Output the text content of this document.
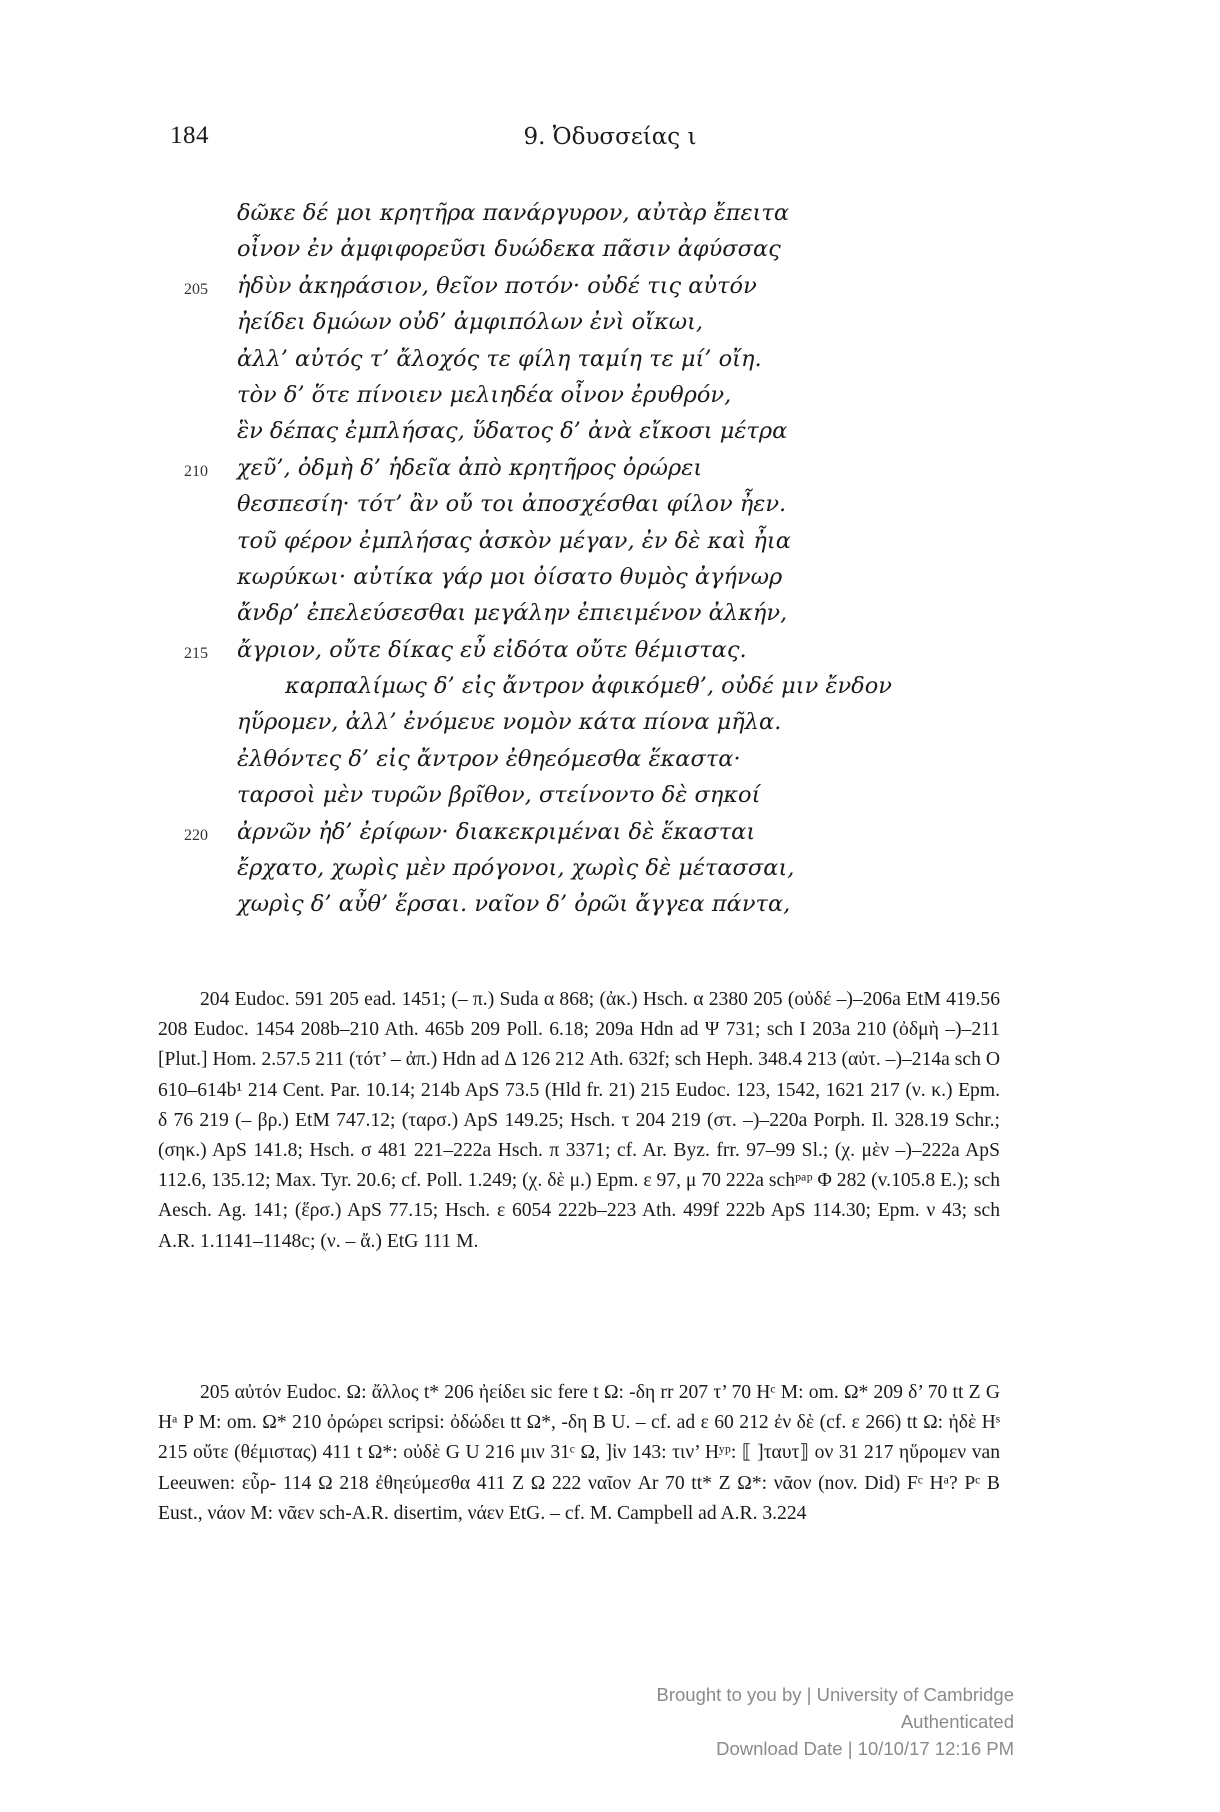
184	9. Ὀδυσσείας ι
δῶκε δέ μοι κρητῆρα πανάργυρον, αὐτὰρ ἔπειτα
οἶνον ἐν ἀμφιφορεῦσι δυώδεκα πᾶσιν ἀφύσσας
205 ἡδὺν ἀκηράσιον, θεῖον ποτόν· οὐδέ τις αὐτόν
ἠείδει δμώων οὐδ’ ἀμφιπόλων ἐνὶ οἴκωι,
ἀλλ’ αὐτός τ’ ἄλοχός τε φίλη ταμίη τε μί’ οἴη.
τὸν δ’ ὅτε πίνοιεν μελιηδέα οἶνον ἐρυθρόν,
ἓν δέπας ἐμπλήσας, ὕδατος δ’ ἀνὰ εἴκοσι μέτρα
210 χεῦ’, ὀδμὴ δ’ ἡδεῖα ἀπὸ κρητῆρος ὀρώρει
θεσπεσίη· τότ’ ἂν οὔ τοι ἀποσχέσθαι φίλον ἦεν.
τοῦ φέρον ἐμπλήσας ἀσκὸν μέγαν, ἐν δὲ καὶ ἦια
κωρύκωι· αὐτίκα γάρ μοι ὀίσατο θυμὸς ἀγήνωρ
ἄνδρ’ ἐπελεύσεσθαι μεγάλην ἐπιειμένον ἀλκήν,
215 ἄγριον, οὔτε δίκας εὖ εἰδότα οὔτε θέμιστας.
καρπαλίμως δ’ εἰς ἄντρον ἀφικόμεθ’, οὐδέ μιν ἔνδον
ηὕρομεν, ἀλλ’ ἐνόμευε νομὸν κάτα πίονα μῆλα.
ἐλθόντες δ’ εἰς ἄντρον ἐθηεόμεσθα ἕκαστα·
ταρσοὶ μὲν τυρῶν βρῖθον, στείνοντο δὲ σηκοί
220 ἀρνῶν ἠδ’ ἐρίφων· διακεκριμέναι δὲ ἕκασται
ἔρχατο, χωρὶς μὲν πρόγονοι, χωρὶς δὲ μέτασσαι,
χωρὶς δ’ αὖθ’ ἕρσαι. ναῖον δ’ ὀρῶι ἄγγεα πάντα,

204 Eudoc. 591 205 ead. 1451; (– π.) Suda α 868; (ἀκ.) Hsch. α 2380 205 (οὐδέ –)–206a EtM 419.56 208 Eudoc. 1454 208b–210 Ath. 465b 209 Poll. 6.18; 209a Hdn ad Ψ 731; sch I 203a 210 (ὀδμὴ –)–211 [Plut.] Hom. 2.57.5 211 (τότ’ – ἀπ.) Hdn ad Δ 126 212 Ath. 632f; sch Heph. 348.4 213 (αὐτ. –)–214a sch O 610–614b¹ 214 Cent. Par. 10.14; 214b ApS 73.5 (Hld fr. 21) 215 Eudoc. 123, 1542, 1621 217 (ν. κ.) Epm. δ 76 219 (– βρ.) EtM 747.12; (ταρσ.) ApS 149.25; Hsch. τ 204 219 (στ. –)–220a Porph. Il. 328.19 Schr.; (σηκ.) ApS 141.8; Hsch. σ 481 221–222a Hsch. π 3371; cf. Ar. Byz. frr. 97–99 Sl.; (χ. μὲν –)–222a ApS 112.6, 135.12; Max. Tyr. 20.6; cf. Poll. 1.249; (χ. δὲ μ.) Epm. ε 97, μ 70 222a schᵖᵃᵖ Φ 282 (v.105.8 E.); sch Aesch. Ag. 141; (ἕρσ.) ApS 77.15; Hsch. ε 6054 222b–223 Ath. 499f 222b ApS 114.30; Epm. ν 43; sch A.R. 1.1141–1148c; (ν. – ἄ.) EtG 111 M.

205 αὐτόν Eudoc. Ω: ἄλλος t* 206 ἠείδει sic fere t Ω: -δη rr 207 τ’ 70 Hᶜ M: om. Ω* 209 δ’ 70 tt Z G Hᵃ P M: om. Ω* 210 ὀρώρει scripsi: ὀδώδει tt Ω*, -δη B U. – cf. ad ε 60 212 ἐν δὲ (cf. ε 266) tt Ω: ἠδὲ Hˢ 215 οὔτε (θέμιστας) 411 t Ω*: οὐδὲ G U 216 μιν 31ᶜ Ω, ]ἰν 143: τιν’ Hʸᵖ: ⟦ ]ταυτ⟧ ον 31 217 ηὕρομεν van Leeuwen: εὗρ- 114 Ω 218 ἐθηεύμεσθα 411 Z Ω 222 ναῖον Ar 70 tt* Z Ω*: νᾶον (nov. Did) Fᶜ Hᵃ? Pᶜ B Eust., νάον M: νᾶεν sch-A.R. disertim, νάεν EtG. – cf. M. Campbell ad A.R. 3.224

Brought to you by | University of Cambridge
Authenticated
Download Date | 10/10/17 12:16 PM
